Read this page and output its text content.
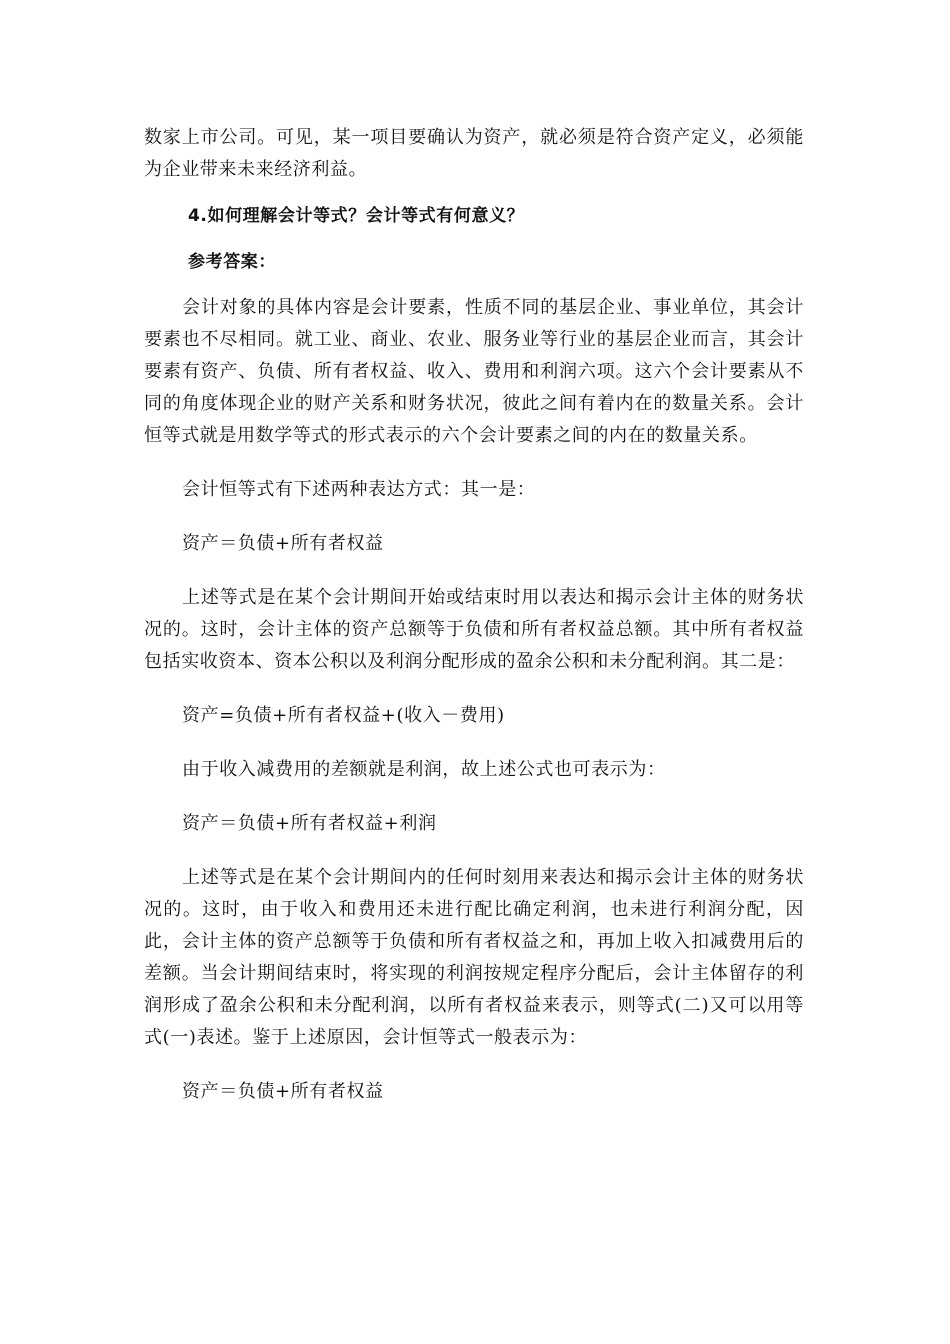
数家上市公司。可见，某一项目要确认为资产，就必须是符合资产定义，必须能为企业带来未来经济利益。

4.如何理解会计等式？会计等式有何意义？

参考答案：

会计对象的具体内容是会计要素，性质不同的基层企业、事业单位，其会计要素也不尽相同。就工业、商业、农业、服务业等行业的基层企业而言，其会计要素有资产、负债、所有者权益、收入、费用和利润六项。这六个会计要素从不同的角度体现企业的财产关系和财务状况，彼此之间有着内在的数量关系。会计恒等式就是用数学等式的形式表示的六个会计要素之间的内在的数量关系。

会计恒等式有下述两种表达方式：其一是：

资产＝负债+所有者权益

上述等式是在某个会计期间开始或结束时用以表达和揭示会计主体的财务状况的。这时，会计主体的资产总额等于负债和所有者权益总额。其中所有者权益包括实收资本、资本公积以及利润分配形成的盈余公积和未分配利润。其二是：

资产=负债+所有者权益+(收入－费用)

由于收入减费用的差额就是利润，故上述公式也可表示为：

资产＝负债+所有者权益+利润

上述等式是在某个会计期间内的任何时刻用来表达和揭示会计主体的财务状况的。这时，由于收入和费用还未进行配比确定利润，也未进行利润分配，因此，会计主体的资产总额等于负债和所有者权益之和，再加上收入扣减费用后的差额。当会计期间结束时，将实现的利润按规定程序分配后，会计主体留存的利润形成了盈余公积和未分配利润，以所有者权益来表示，则等式(二)又可以用等式(一)表述。鉴于上述原因，会计恒等式一般表示为：

资产＝负债+所有者权益
